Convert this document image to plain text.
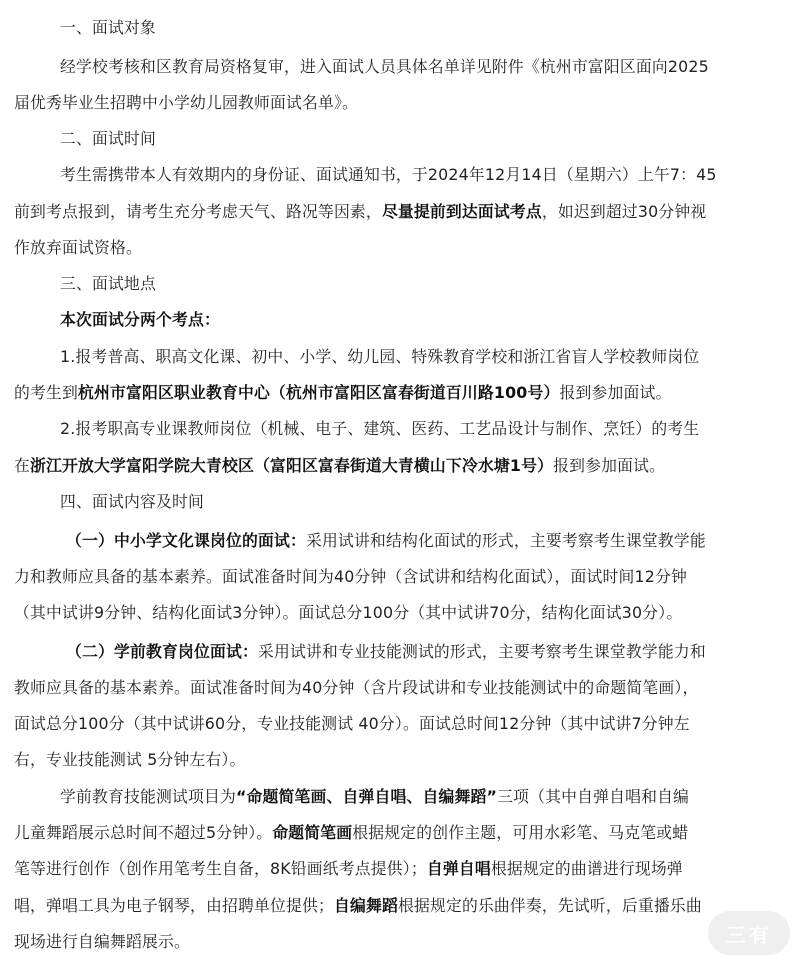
一、面试对象
经学校考核和区教育局资格复审，进入面试人员具体名单详见附件《杭州市富阳区面向2025
届优秀毕业生招聘中小学幼儿园教师面试名单》。
二、面试时间
考生需携带本人有效期内的身份证、面试通知书，于2024年12月14日（星期六）上午7：45
前到考点报到，请考生充分考虑天气、路况等因素，尽量提前到达面试考点，如迟到超过30分钟视
作放弃面试资格。
三、面试地点
本次面试分两个考点：
1.报考普高、职高文化课、初中、小学、幼儿园、特殊教育学校和浙江省盲人学校教师岗位
的考生到杭州市富阳区职业教育中心（杭州市富阳区富春街道百川路100号）报到参加面试。
2.报考职高专业课教师岗位（机械、电子、建筑、医药、工艺品设计与制作、烹饪）的考生
在浙江开放大学富阳学院大青校区（富阳区富春街道大青横山下冷水塘1号）报到参加面试。
四、面试内容及时间
（一）中小学文化课岗位的面试：采用试讲和结构化面试的形式，主要考察考生课堂教学能
力和教师应具备的基本素养。面试准备时间为40分钟（含试讲和结构化面试），面试时间12分钟
（其中试讲9分钟、结构化面试3分钟）。面试总分100分（其中试讲70分，结构化面试30分）。
（二）学前教育岗位面试：采用试讲和专业技能测试的形式，主要考察考生课堂教学能力和
教师应具备的基本素养。面试准备时间为40分钟（含片段试讲和专业技能测试中的命题简笔画），
面试总分100分（其中试讲60分，专业技能测试 40分）。面试总时间12分钟（其中试讲7分钟左
右，专业技能测试 5分钟左右）。
学前教育技能测试项目为“命题简笔画、自弹自唱、自编舞蹈”三项（其中自弹自唱和自编
儿童舞蹈展示总时间不超过5分钟）。命题简笔画根据规定的创作主题，可用水彩笔、马克笔或蜡
笔等进行创作（创作用笔考生自备，8K铅画纸考点提供）；自弹自唱根据规定的曲谱进行现场弹
唱，弹唱工具为电子钢琴，由招聘单位提供；自编舞蹈根据规定的乐曲伴奏，先试听，后重播乐曲
现场进行自编舞蹈展示。	三有
